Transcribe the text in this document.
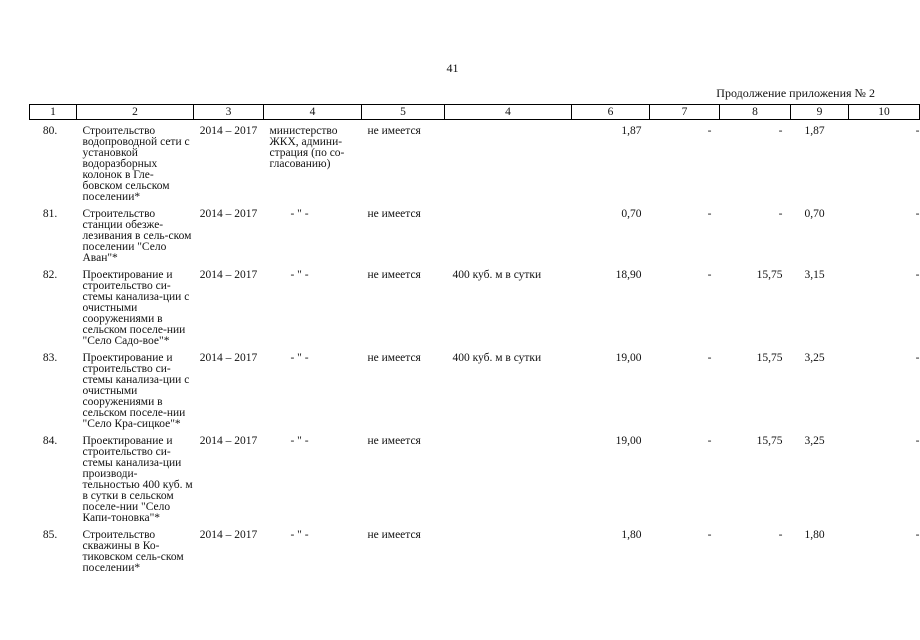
41
Продолжение приложения № 2
1	2	3	4	5	4	6	7	8	9	10
80.	Строительство водопроводной сети с установкой водоразборных колонок в Гле-бовском сельском поселении*	2014 – 2017	министерство ЖКХ, админи-страция (по со-гласованию)	не имеется		1,87	-	-	1,87	-
81.	Строительство станции обезже-лезивания в сель-ском поселении "Село Аван"*	2014 – 2017	- " -	не имеется		0,70	-	-	0,70	-
82.	Проектирование и строительство си-стемы канализа-ции с очистными сооружениями в сельском поселе-нии "Село Садо-вое"*	2014 – 2017	- " -	не имеется	400 куб. м в сутки	18,90	-	15,75	3,15	-
83.	Проектирование и строительство си-стемы канализа-ции с очистными сооружениями в сельском поселе-нии "Село Кра-сицкое"*	2014 – 2017	- " -	не имеется	400 куб. м в сутки	19,00	-	15,75	3,25	-
84.	Проектирование и строительство си-стемы канализа-ции производи-тельностью 400 куб. м в сутки в сельском поселе-нии "Село Капи-тоновка"*	2014 – 2017	- " -	не имеется		19,00	-	15,75	3,25	-
85.	Строительство скважины в Ко-тиковском сель-ском поселении*	2014 – 2017	- " -	не имеется		1,80	-	-	1,80	-
